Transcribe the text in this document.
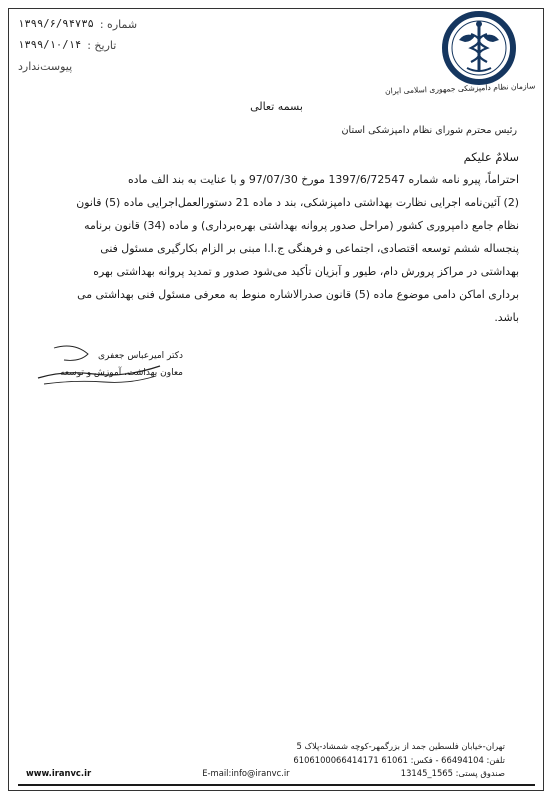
شماره :
۱۳۹۹/۶/۹۴۷۳۵
تاریخ :
۱۳۹۹/۱۰/۱۴
پیوست‌ندارد
سازمان نظام دامپزشکی جمهوری اسلامی ایران
بسمه تعالی
رئیس محترم شورای نظام دامپزشکی استان
سلامٌ علیکم
احتراماً، پیرو نامه شماره 1397/6/72547 مورخ 97/07/30 و با عنایت به بند الف ماده
(2) آئین‌نامه اجرایی نظارت بهداشتی دامپزشکی، بند د ماده 21 دستورالعمل‌اجرایی ماده (5) قانون
نظام جامع دامپروری کشور (مراحل صدور پروانه بهداشتی بهره‌برداری) و ماده (34) قانون برنامه
پنجساله ششم توسعه اقتصادی، اجتماعی و فرهنگی ج.ا.ا مبنی بر الزام بکارگیری مسئول فنی
بهداشتی در مراکز پرورش دام، طیور و آبزیان تأکید می‌شود صدور و تمدید پروانه بهداشتی بهره
برداری اماکن دامی موضوع ماده (5) قانون صدرالاشاره منوط به معرفی مسئول فنی بهداشتی می
باشد.
دکتر امیرعباس جعفری
معاون بهداشت، آموزش و توسعه
تهران-خیابان فلسطین جمد از بزرگمهر-کوچه شمشاد-پلاک 5
تلفن: 66494104 - فکس: 61061 6106100066414171
www.iranvc.ir	E-mail:info@iranvc.ir	صندوق پستی: 1565_13145
